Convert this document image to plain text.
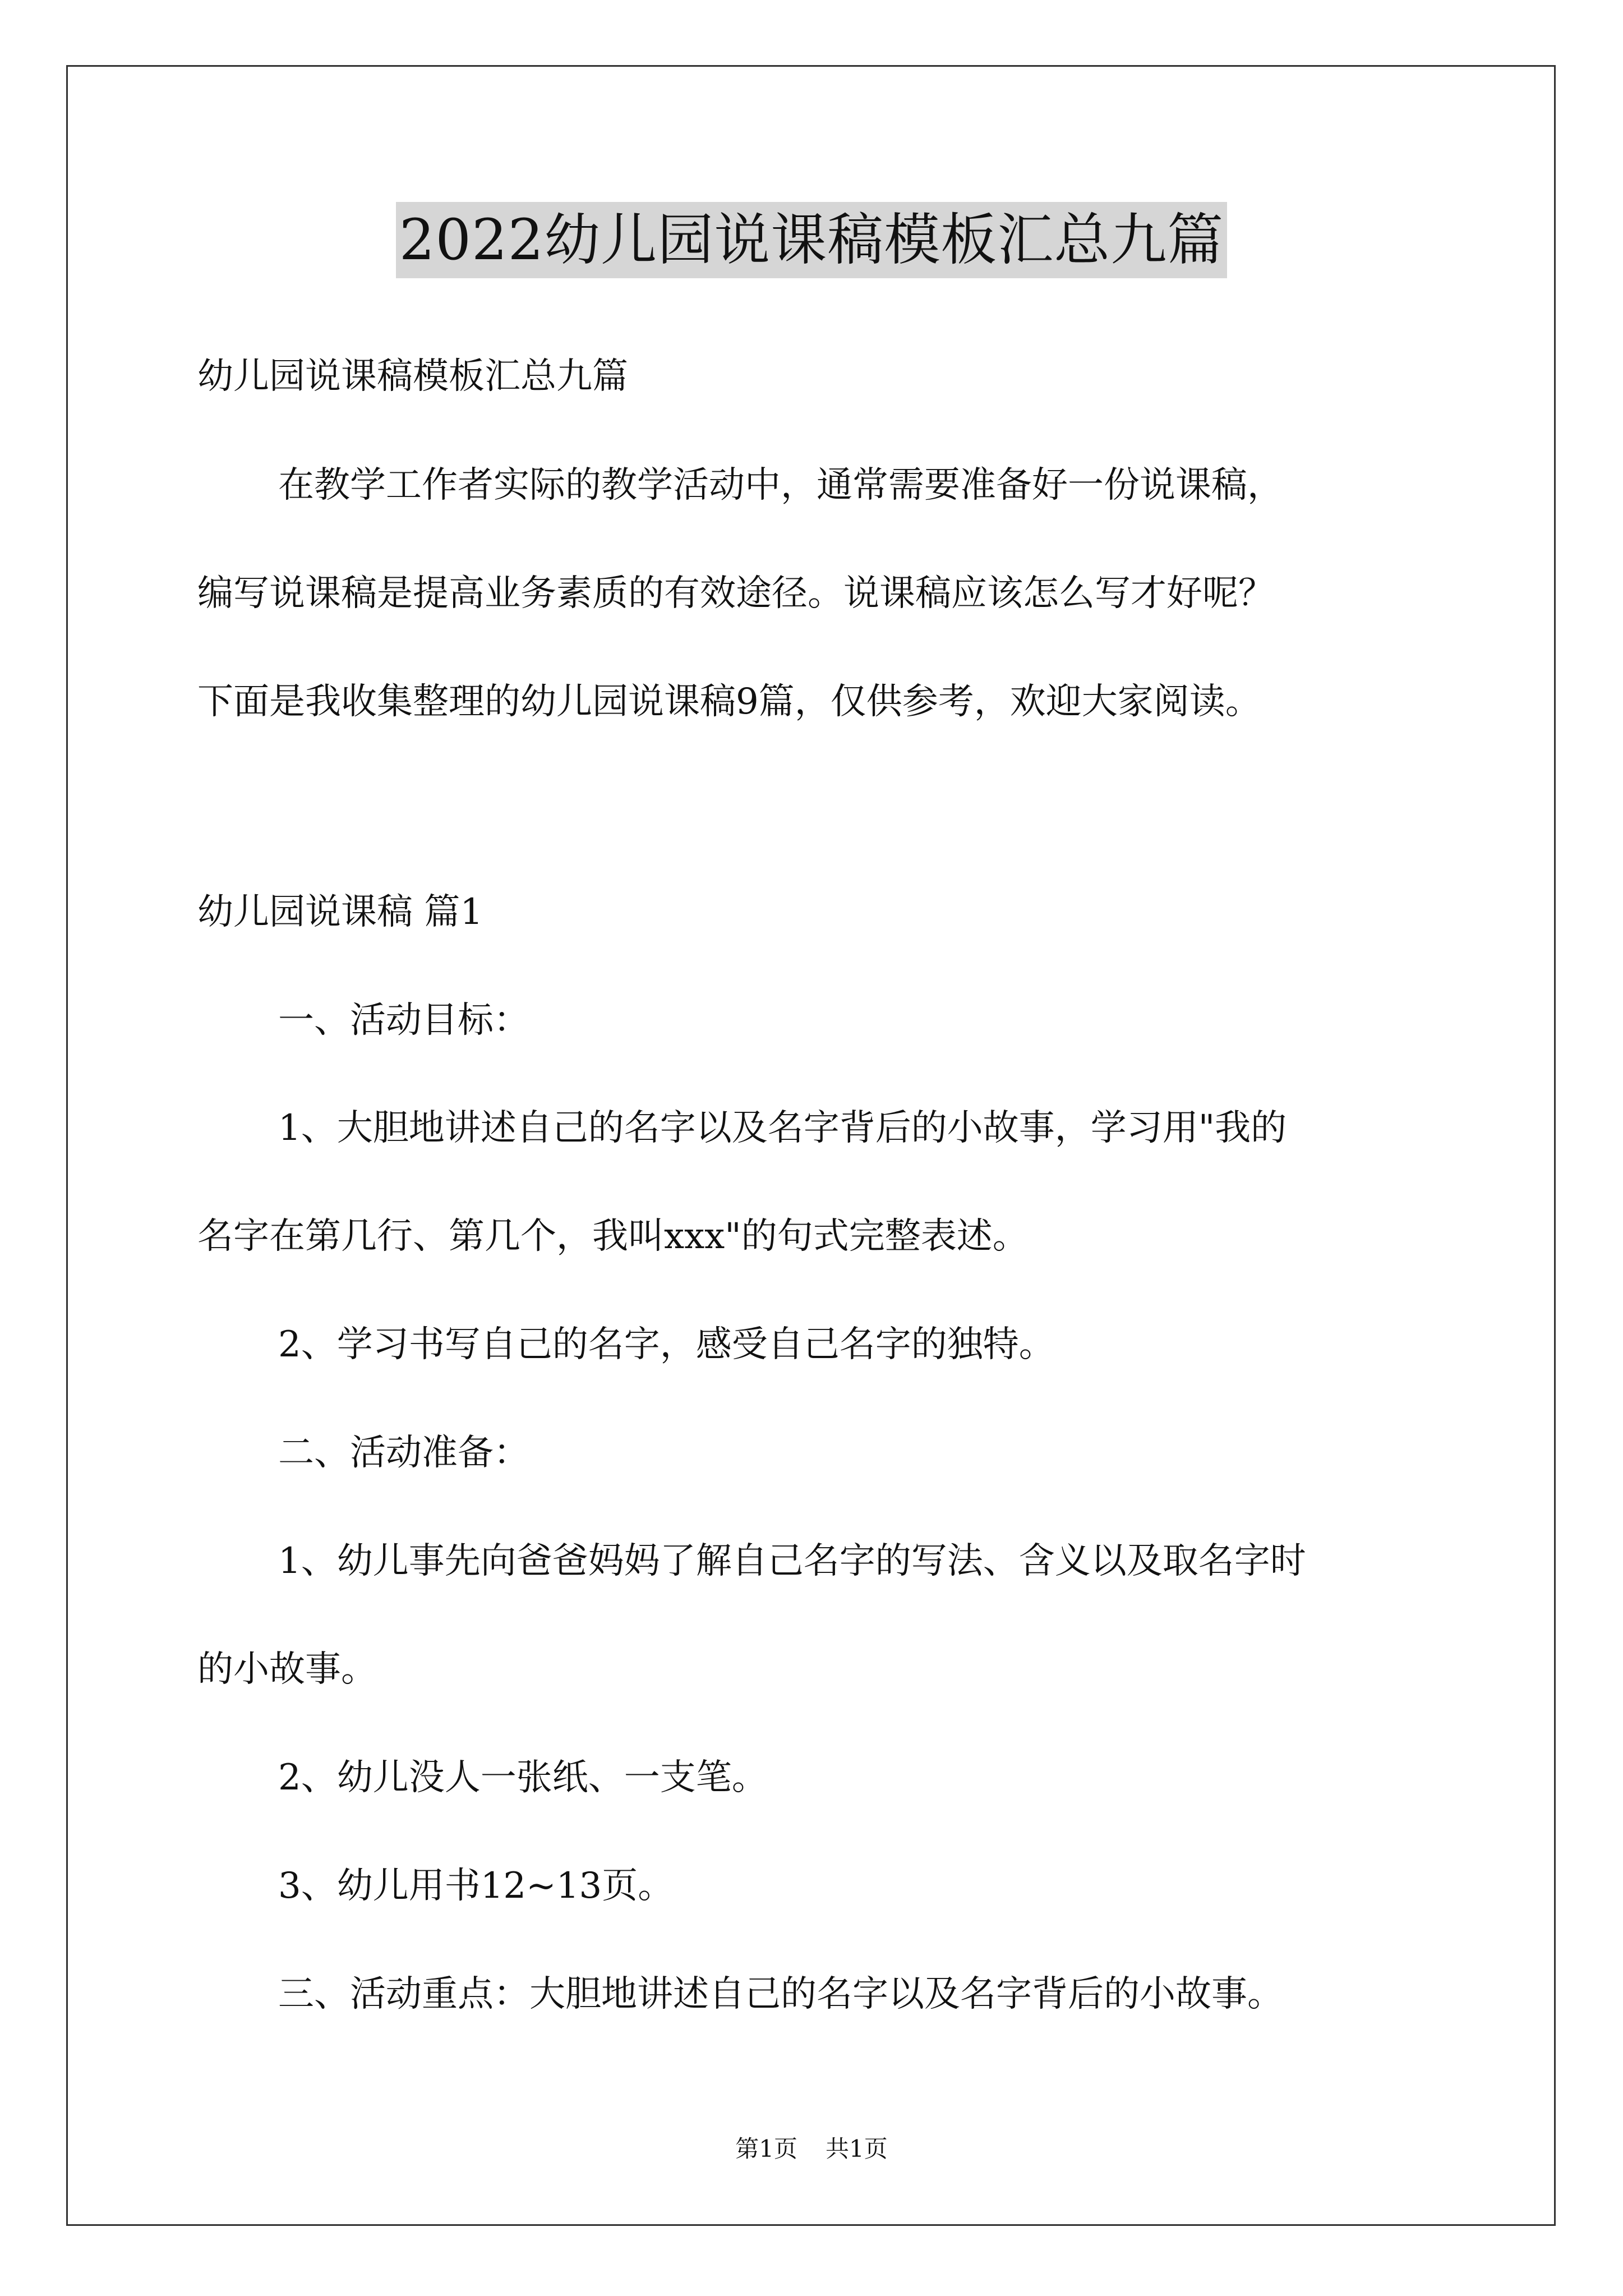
2022幼儿园说课稿模板汇总九篇
幼儿园说课稿模板汇总九篇
在教学工作者实际的教学活动中，通常需要准备好一份说课稿，
编写说课稿是提高业务素质的有效途径。说课稿应该怎么写才好呢？
下面是我收集整理的幼儿园说课稿9篇，仅供参考，欢迎大家阅读。
幼儿园说课稿 篇1
一、活动目标：
1、大胆地讲述自己的名字以及名字背后的小故事，学习用"我的
名字在第几行、第几个，我叫xxx"的句式完整表述。
2、学习书写自己的名字，感受自己名字的独特。
二、活动准备：
1、幼儿事先向爸爸妈妈了解自己名字的写法、含义以及取名字时
的小故事。
2、幼儿没人一张纸、一支笔。
3、幼儿用书12~13页。
三、活动重点：大胆地讲述自己的名字以及名字背后的小故事。
第1页 共1页
